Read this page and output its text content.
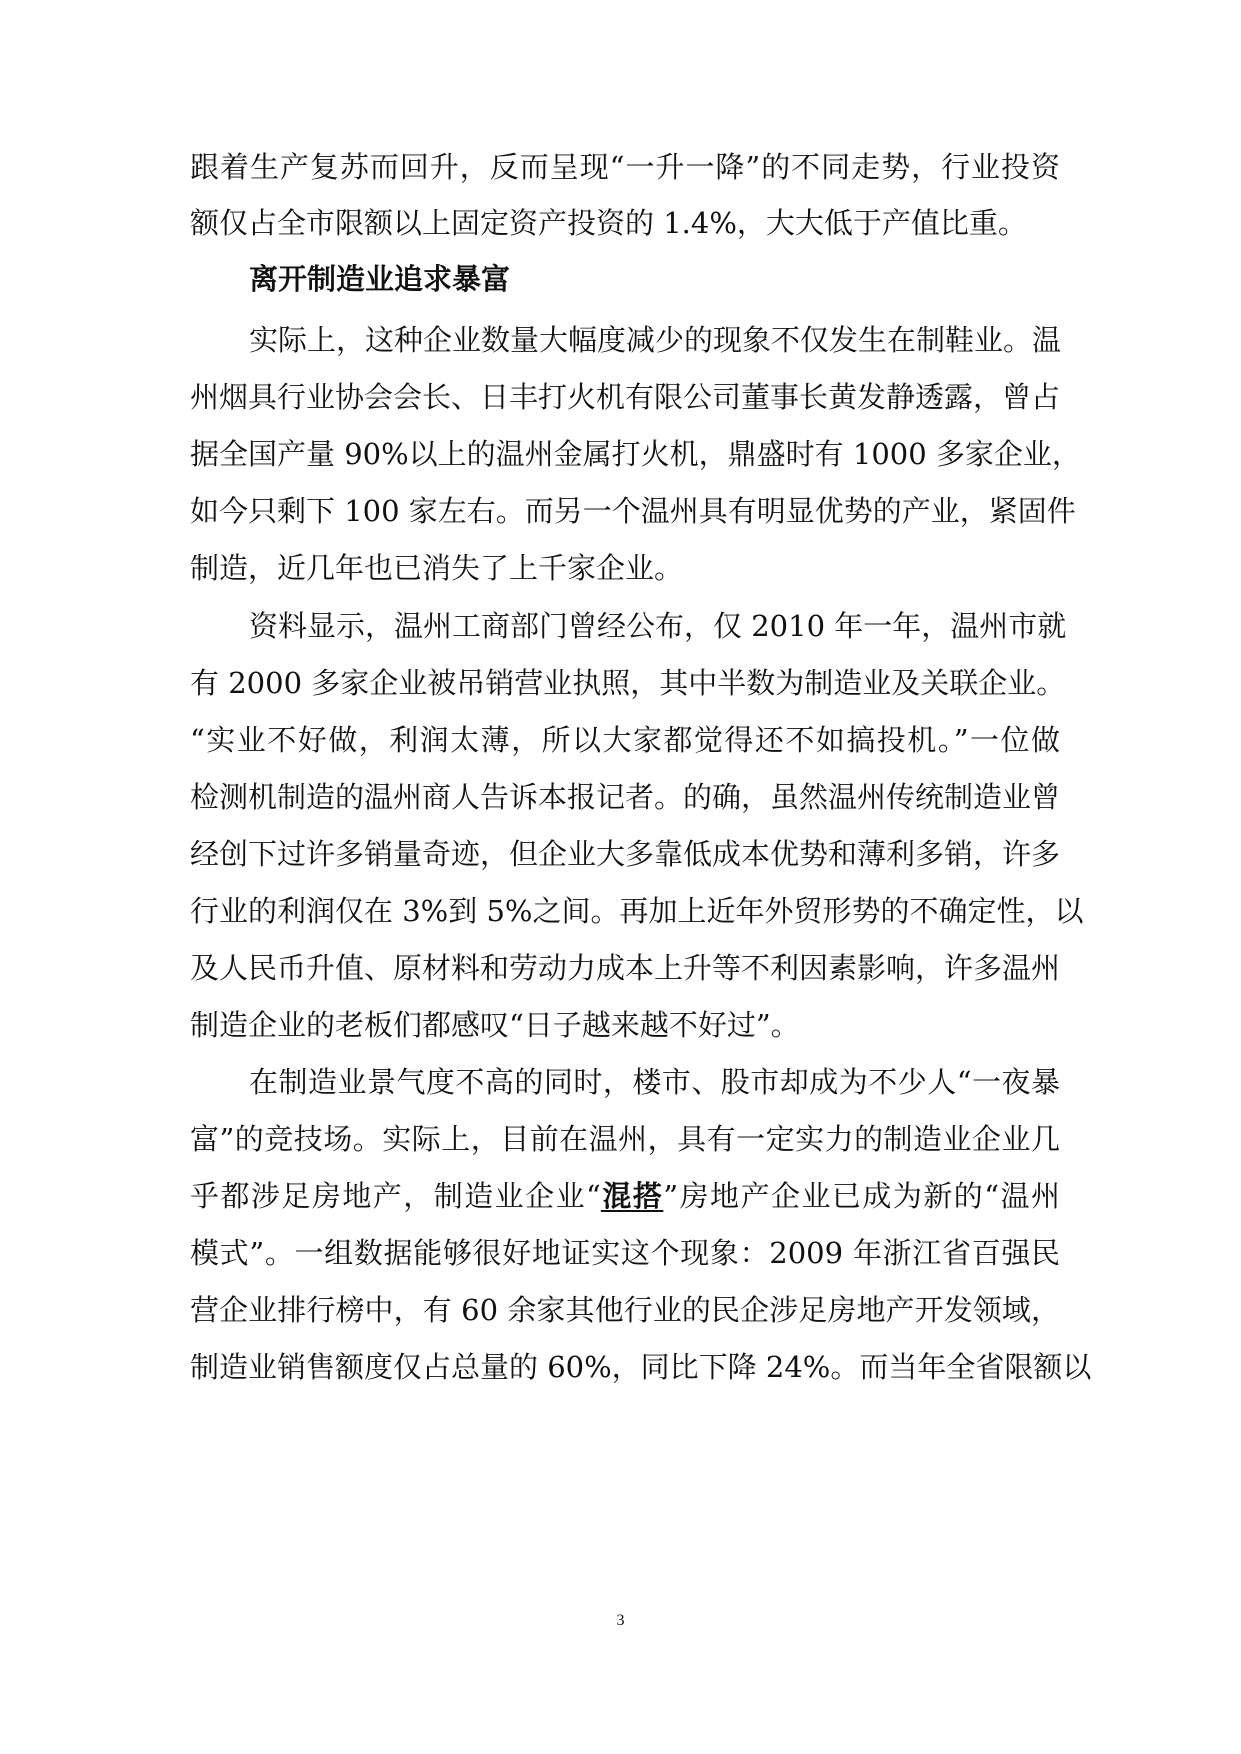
跟着生产复苏而回升，反而呈现“一升一降”的不同走势，行业投资
额仅占全市限额以上固定资产投资的 1.4%，大大低于产值比重。
离开制造业追求暴富
实际上，这种企业数量大幅度减少的现象不仅发生在制鞋业。温
州烟具行业协会会长、日丰打火机有限公司董事长黄发静透露，曾占
据全国产量 90%以上的温州金属打火机，鼎盛时有 1000 多家企业，
如今只剩下 100 家左右。而另一个温州具有明显优势的产业，紧固件
制造，近几年也已消失了上千家企业。
资料显示，温州工商部门曾经公布，仅 2010 年一年，温州市就
有 2000 多家企业被吊销营业执照，其中半数为制造业及关联企业。
“实业不好做，利润太薄，所以大家都觉得还不如搞投机。”一位做
检测机制造的温州商人告诉本报记者。的确，虽然温州传统制造业曾
经创下过许多销量奇迹，但企业大多靠低成本优势和薄利多销，许多
行业的利润仅在 3%到 5%之间。再加上近年外贸形势的不确定性，以
及人民币升值、原材料和劳动力成本上升等不利因素影响，许多温州
制造企业的老板们都感叹“日子越来越不好过”。
在制造业景气度不高的同时，楼市、股市却成为不少人“一夜暴
富”的竞技场。实际上，目前在温州，具有一定实力的制造业企业几
乎都涉足房地产，制造业企业“混搭”房地产企业已成为新的“温州
模式”。一组数据能够很好地证实这个现象：2009 年浙江省百强民
营企业排行榜中，有 60 余家其他行业的民企涉足房地产开发领域，
制造业销售额度仅占总量的 60%，同比下降 24%。而当年全省限额以
3
